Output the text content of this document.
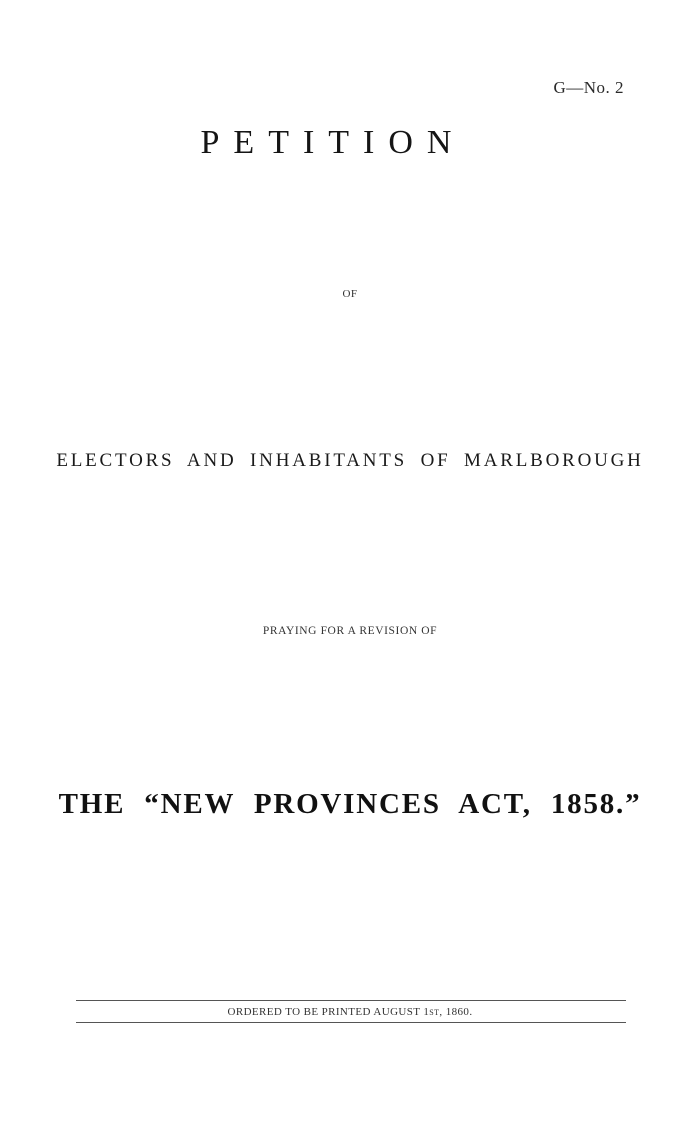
G—No. 2
PETITION
OF
ELECTORS AND INHABITANTS OF MARLBOROUGH
PRAYING FOR A REVISION OF
THE “NEW PROVINCES ACT, 1858.”
ORDERED TO BE PRINTED AUGUST 1ST, 1860.
